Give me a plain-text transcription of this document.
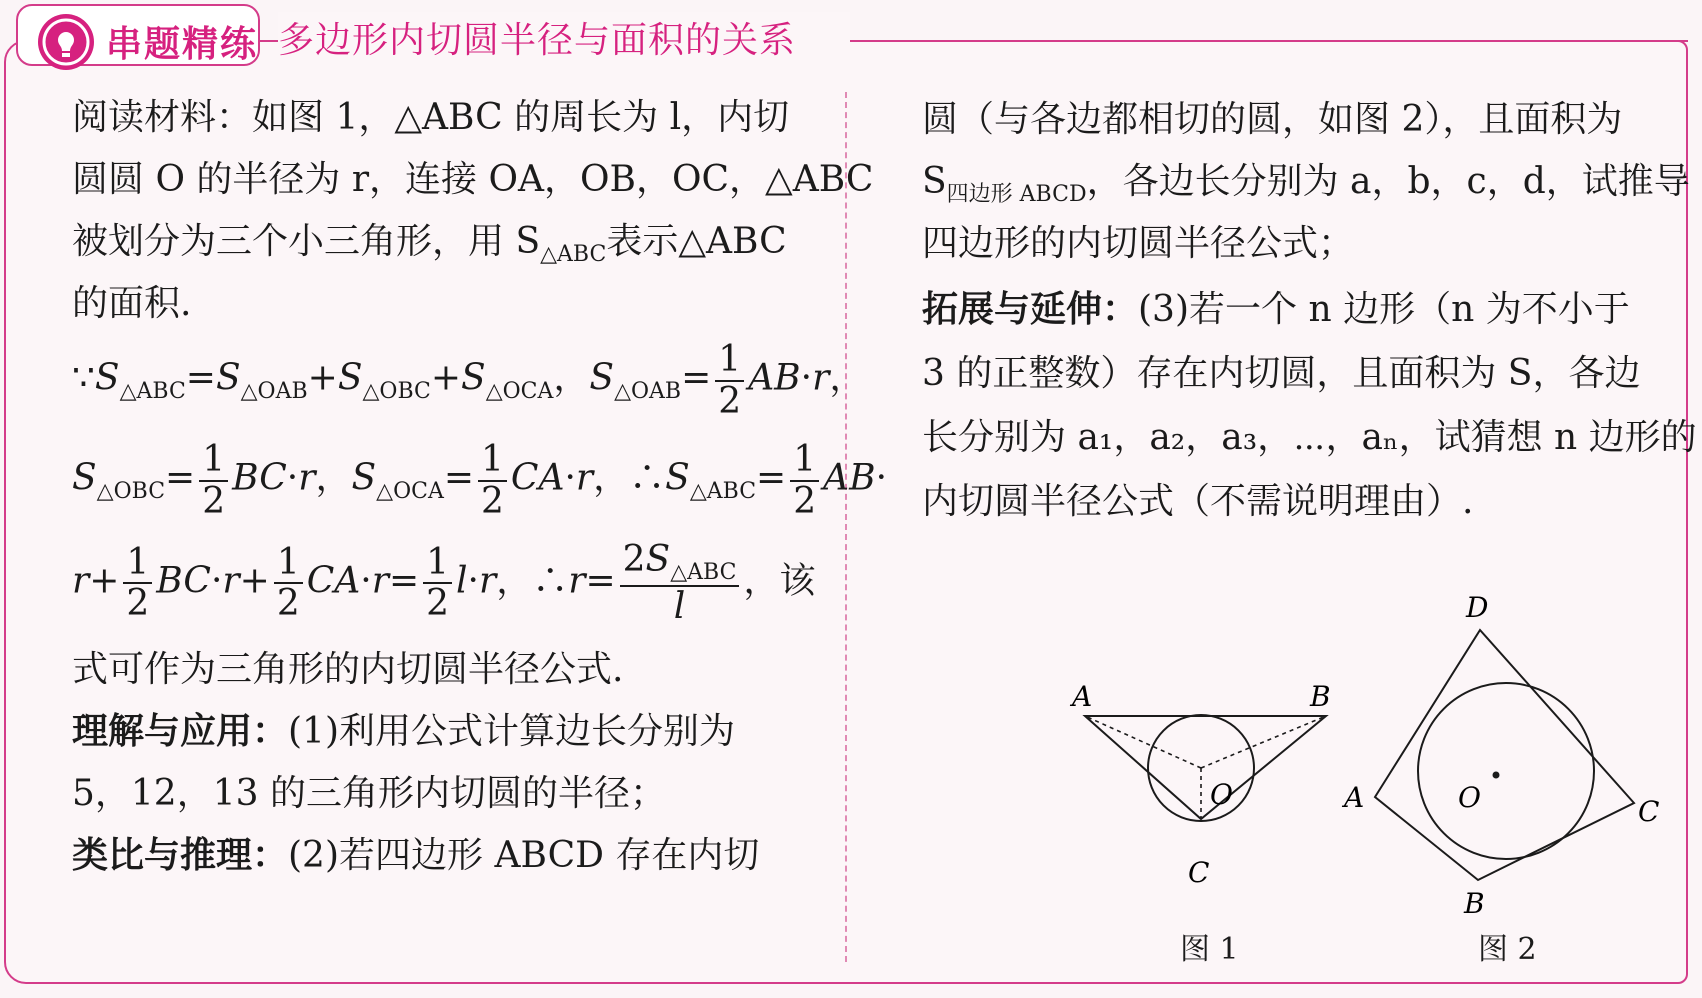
串题精练 多边形内切圆半径与面积的关系
阅读材料：如图 1，△ABC 的周长为 l，内切
圆圆 O 的半径为 r，连接 OA，OB，OC，△ABC
被划分为三个小三角形，用 $S_{\triangle ABC}$表示△ABC
的面积.
$\because S_{\triangle ABC}=S_{\triangle OAB}+S_{\triangle OBC}+S_{\triangle OCA}$，$S_{\triangle OAB}= \frac{1}{2} AB\cdot r$，
$S_{\triangle OBC}= \frac{1}{2} BC\cdot r$，$S_{\triangle OCA}= \frac{1}{2} CA\cdot r$，$\therefore S_{\triangle ABC}= \frac{1}{2} AB\cdot$
$r+ \frac{1}{2} BC\cdot r+ \frac{1}{2} CA\cdot r= \frac{1}{2} l\cdot r$，∴r= $\frac{2S_{\triangle ABC}}{l}$ ，该
式可作为三角形的内切圆半径公式.
理解与应用：(1)利用公式计算边长分别为
5，12，13 的三角形内切圆的半径；
类比与推理：(2)若四边形 ABCD 存在内切
圆（与各边都相切的圆，如图 2），且面积为
$S_{四边形 ABCD}$，各边长分别为 a，b，c，d，试推导
四边形的内切圆半径公式；
拓展与延伸：(3)若一个 n 边形（n 为不小于
3 的正整数）存在内切圆，且面积为 S，各边
长分别为 a₁，a₂，a₃，⋯，aₙ，试猜想 n 边形的
内切圆半径公式（不需说明理由）.
A	B
C
O
图 1
D
C
B
A	O
图 2
